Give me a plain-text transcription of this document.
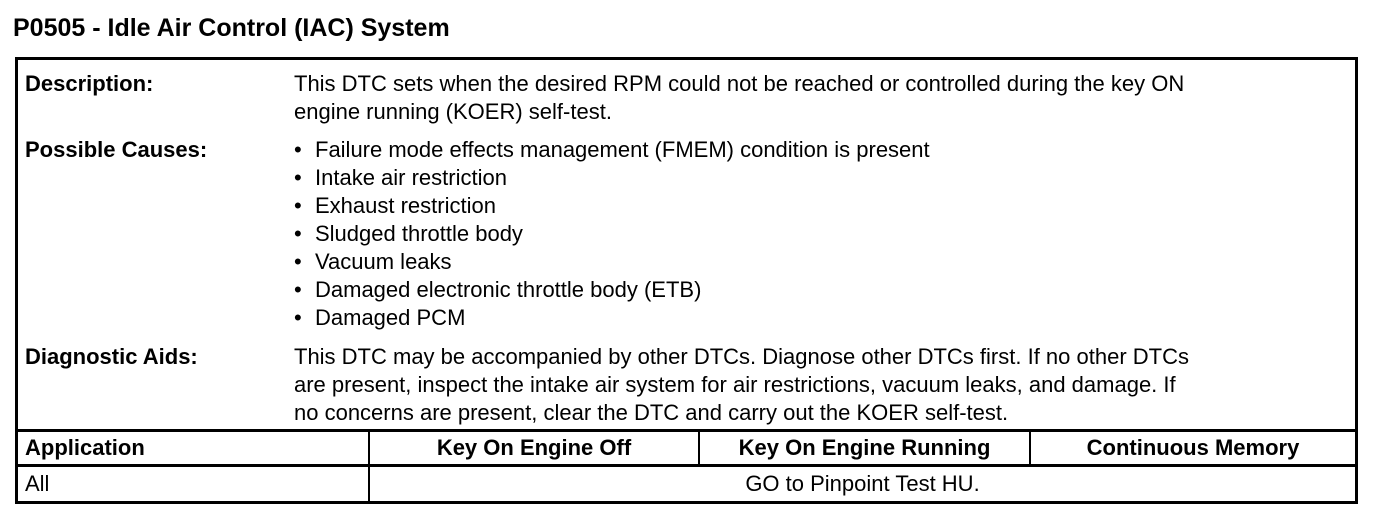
P0505 - Idle Air Control (IAC) System
Description:	This DTC sets when the desired RPM could not be reached or controlled during the key ON
engine running (KOER) self-test.
Possible Causes:	• Failure mode effects management (FMEM) condition is present
• Intake air restriction
• Exhaust restriction
• Sludged throttle body
• Vacuum leaks
• Damaged electronic throttle body (ETB)
• Damaged PCM
Diagnostic Aids:	This DTC may be accompanied by other DTCs. Diagnose other DTCs first. If no other DTCs
are present, inspect the intake air system for air restrictions, vacuum leaks, and damage. If
no concerns are present, clear the DTC and carry out the KOER self-test.
Application	Key On Engine Off	Key On Engine Running	Continuous Memory
All	GO to Pinpoint Test HU.		
